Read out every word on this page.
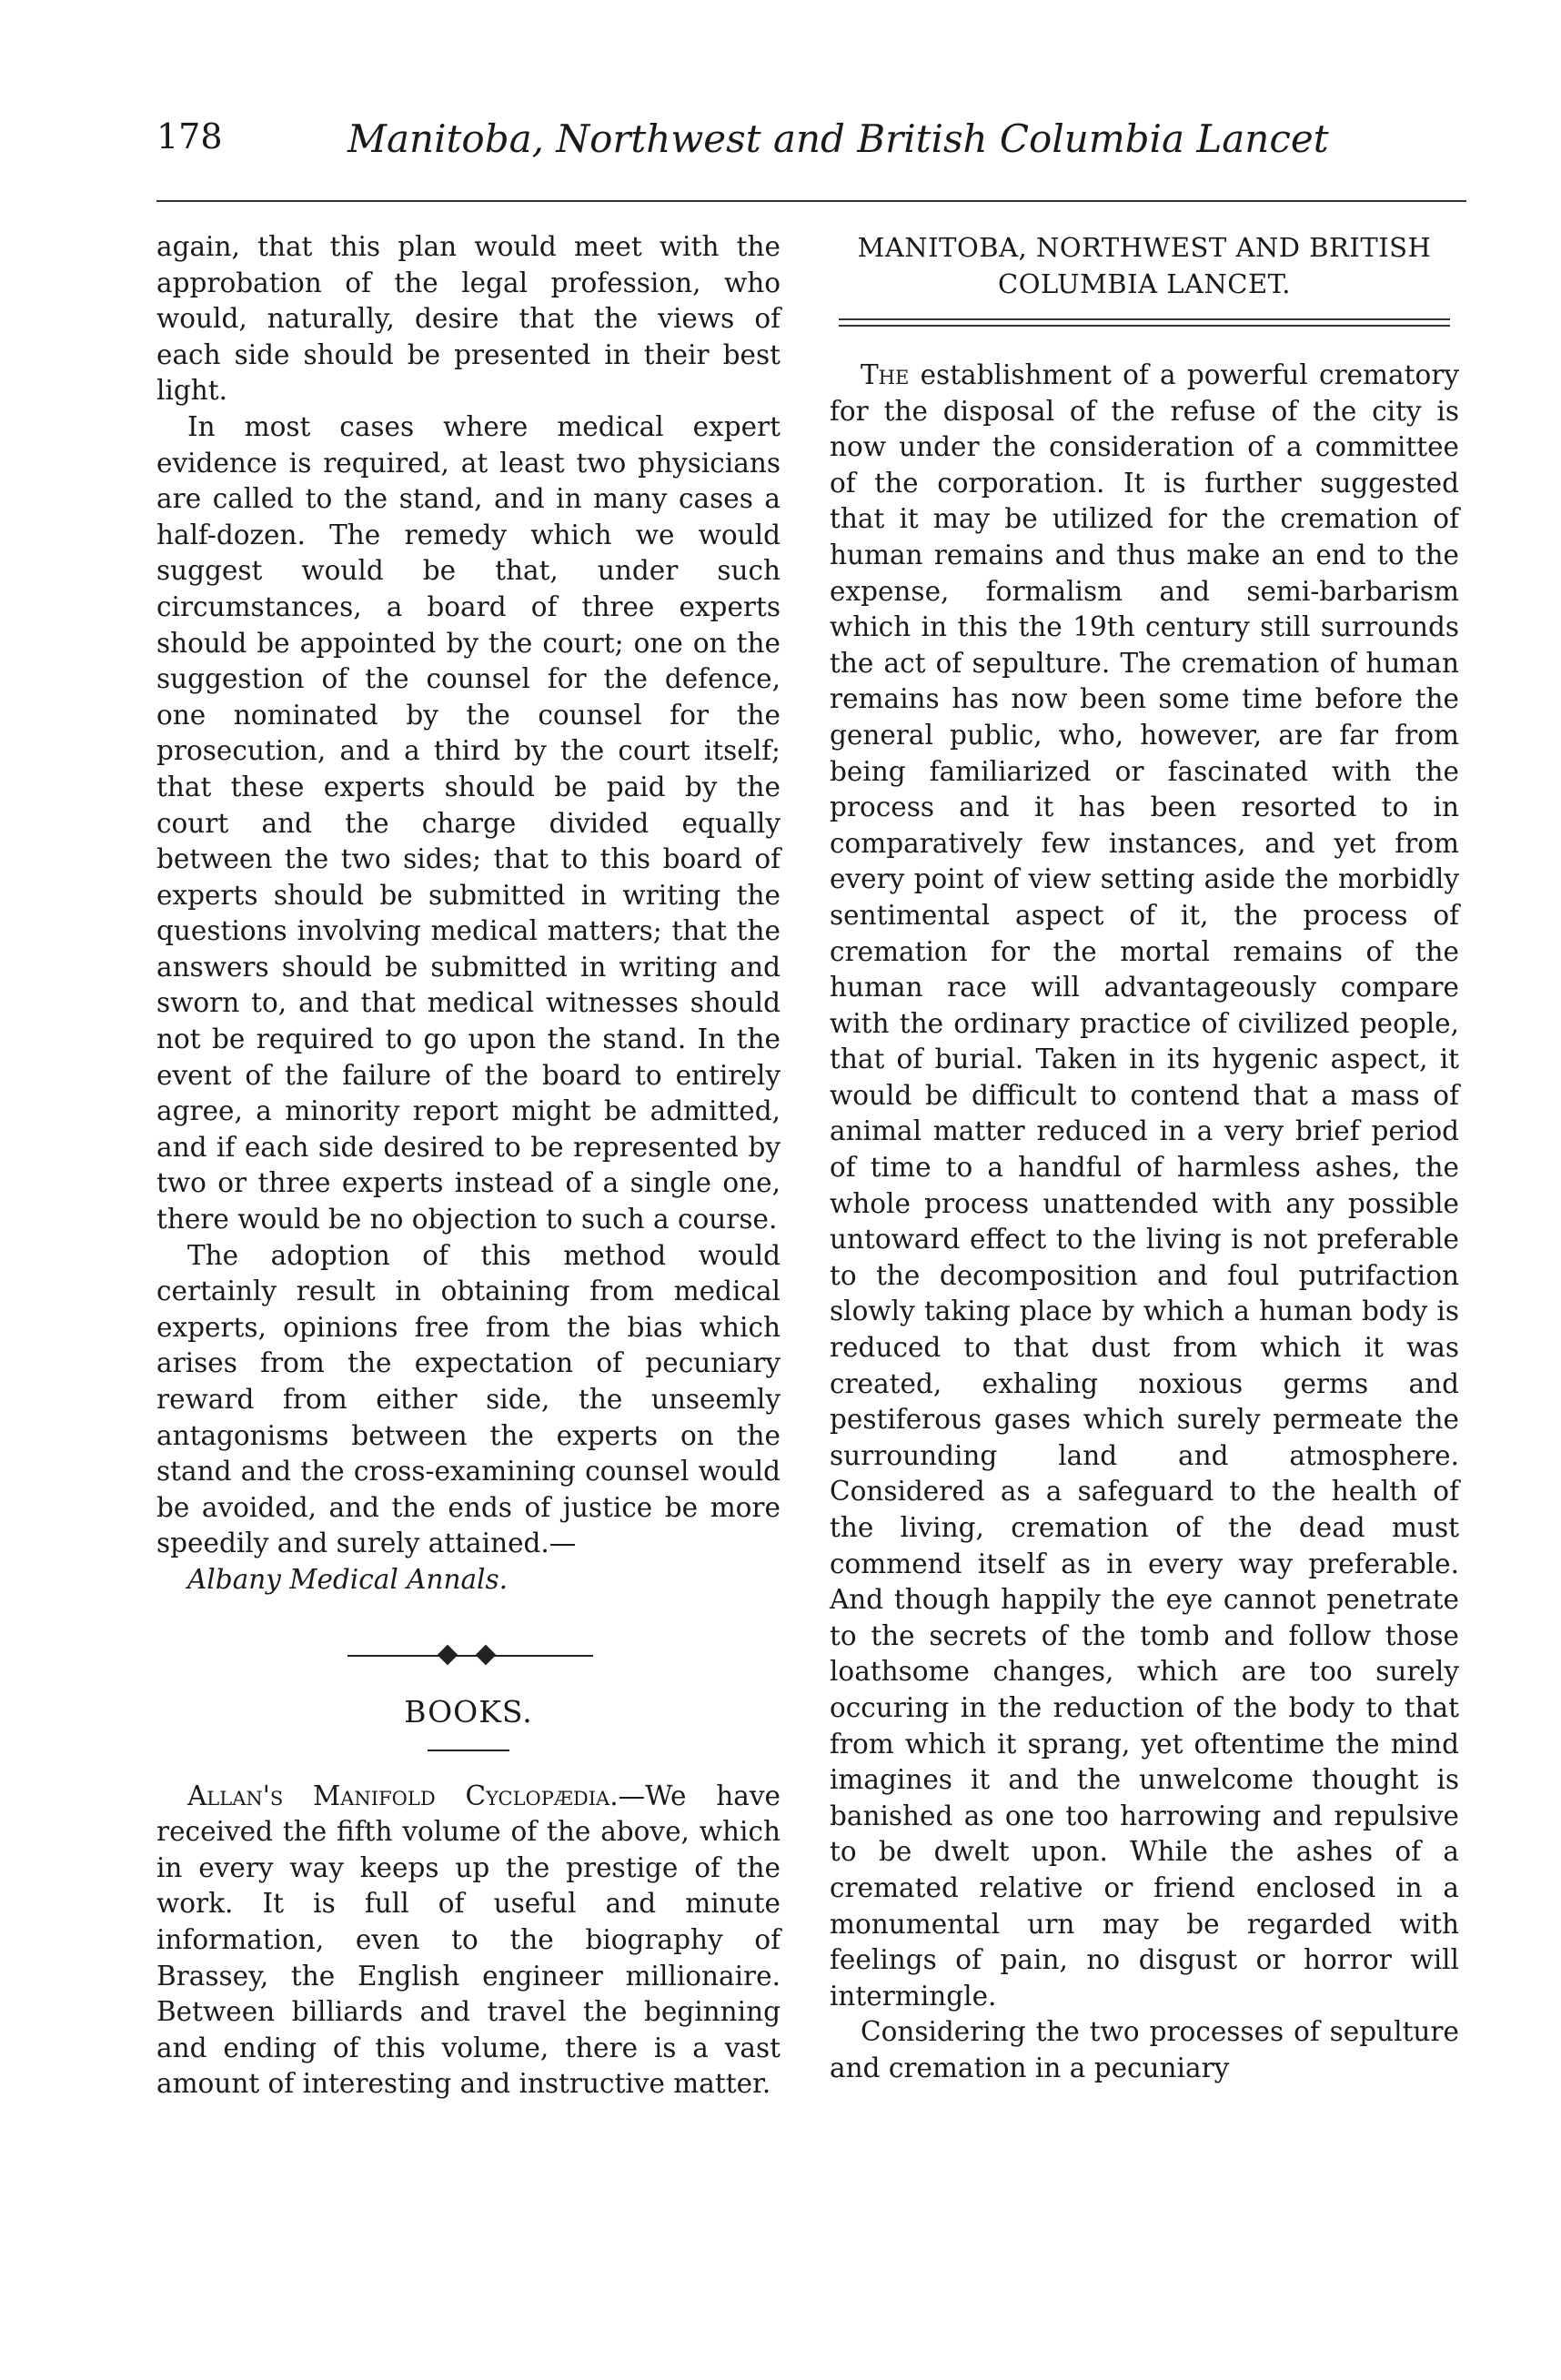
178	Manitoba, Northwest and British Columbia Lancet

again, that this plan would meet with the approbation of the legal profession, who would, naturally, desire that the views of each side should be presented in their best light.

In most cases where medical expert evidence is required, at least two physicians are called to the stand, and in many cases a half-dozen. The remedy which we would suggest would be that, under such circumstances, a board of three experts should be appointed by the court; one on the suggestion of the counsel for the defence, one nominated by the counsel for the prosecution, and a third by the court itself; that these experts should be paid by the court and the charge divided equally between the two sides; that to this board of experts should be submitted in writing the questions involving medical matters; that the answers should be submitted in writing and sworn to, and that medical witnesses should not be required to go upon the stand. In the event of the failure of the board to entirely agree, a minority report might be admitted, and if each side desired to be represented by two or three experts instead of a single one, there would be no objection to such a course.

The adoption of this method would certainly result in obtaining from medical experts, opinions free from the bias which arises from the expectation of pecuniary reward from either side, the unseemly antagonisms between the experts on the stand and the cross-examining counsel would be avoided, and the ends of justice be more speedily and surely attained.—
Albany Medical Annals.

BOOKS.

Allan's Manifold Cyclopædia.—We have received the fifth volume of the above, which in every way keeps up the prestige of the work. It is full of useful and minute information, even to the biography of Brassey, the English engineer millionaire. Between billiards and travel the beginning and ending of this volume, there is a vast amount of interesting and instructive matter.

MANITOBA, NORTHWEST AND BRITISH
COLUMBIA LANCET.

The establishment of a powerful crematory for the disposal of the refuse of the city is now under the consideration of a committee of the corporation. It is further suggested that it may be utilized for the cremation of human remains and thus make an end to the expense, formalism and semi-barbarism which in this the 19th century still surrounds the act of sepulture. The cremation of human remains has now been some time before the general public, who, however, are far from being familiarized or fascinated with the process and it has been resorted to in comparatively few instances, and yet from every point of view setting aside the morbidly sentimental aspect of it, the process of cremation for the mortal remains of the human race will advantageously compare with the ordinary practice of civilized people, that of burial. Taken in its hygenic aspect, it would be difficult to contend that a mass of animal matter reduced in a very brief period of time to a handful of harmless ashes, the whole process unattended with any possible untoward effect to the living is not preferable to the decomposition and foul putrifaction slowly taking place by which a human body is reduced to that dust from which it was created, exhaling noxious germs and pestiferous gases which surely permeate the surrounding land and atmosphere. Considered as a safeguard to the health of the living, cremation of the dead must commend itself as in every way preferable. And though happily the eye cannot penetrate to the secrets of the tomb and follow those loathsome changes, which are too surely occuring in the reduction of the body to that from which it sprang, yet oftentime the mind imagines it and the unwelcome thought is banished as one too harrowing and repulsive to be dwelt upon. While the ashes of a cremated relative or friend enclosed in a monumental urn may be regarded with feelings of pain, no disgust or horror will intermingle.

Considering the two processes of sepulture and cremation in a pecuniary
